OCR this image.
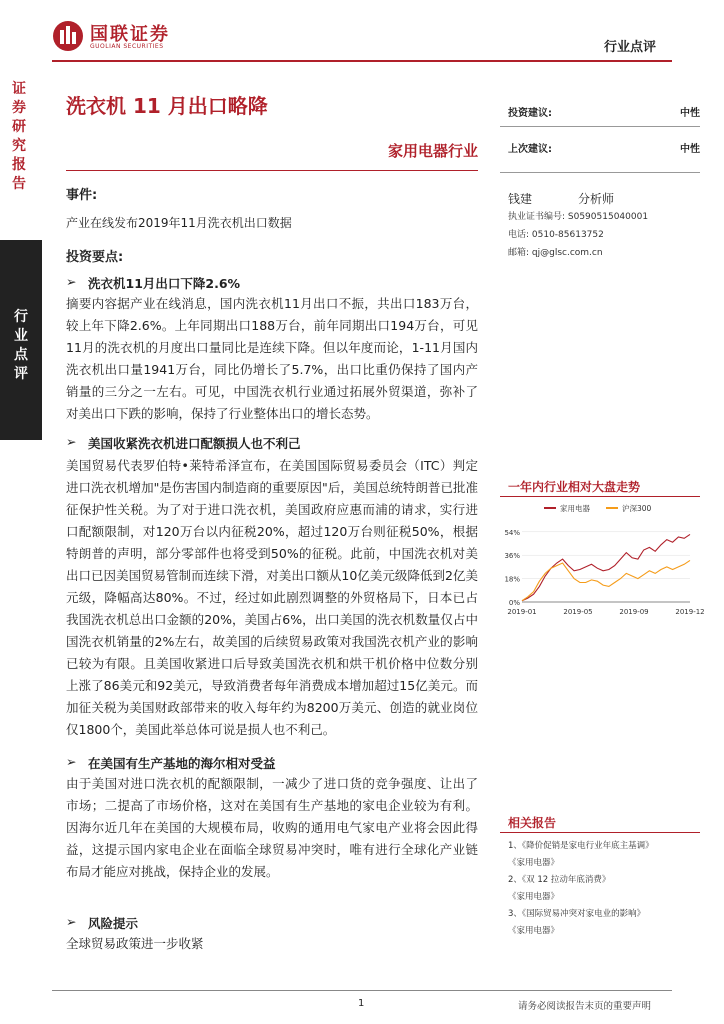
国联证券
GUOLIAN SECURITIES	行业点评
证券研究报告
行业点评
洗衣机 11 月出口略降
家用电器行业
投资建议:	中性
上次建议:	中性
钱建	分析师
执业证书编号: S0590515040001
电话: 0510-85613752
邮箱: qj@glsc.com.cn
事件:
产业在线发布2019年11月洗衣机出口数据
投资要点:
➢ 洗衣机11月出口下降2.6%
摘要内容据产业在线消息，国内洗衣机11月出口不振，共出口183万台，较上年下降2.6%。上年同期出口188万台，前年同期出口194万台，可见11月的洗衣机的月度出口量同比是连续下降。但以年度而论，1-11月国内洗衣机出口量1941万台，同比仍增长了5.7%，出口比重仍保持了国内产销量的三分之一左右。可见，中国洗衣机行业通过拓展外贸渠道，弥补了对美出口下跌的影响，保持了行业整体出口的增长态势。
➢ 美国收紧洗衣机进口配额损人也不利己
美国贸易代表罗伯特•莱特希泽宣布，在美国国际贸易委员会（ITC）判定进口洗衣机增加"是伤害国内制造商的重要原因"后，美国总统特朗普已批准征保护性关税。为了对于进口洗衣机，美国政府应惠而浦的请求，实行进口配额限制，对120万台以内征税20%，超过120万台则征税50%，根据特朗普的声明，部分零部件也将受到50%的征税。此前，中国洗衣机对美出口已因美国贸易管制而连续下滑，对美出口额从10亿美元级降低到2亿美元级，降幅高达80%。不过，经过如此剧烈调整的外贸格局下，日本已占我国洗衣机总出口金额的20%，美国占6%，出口美国的洗衣机数量仅占中国洗衣机销量的2%左右，故美国的后续贸易政策对我国洗衣机产业的影响已较为有限。且美国收紧进口后导致美国洗衣机和烘干机价格中位数分别上涨了86美元和92美元，导致消费者每年消费成本增加超过15亿美元。而加征关税为美国财政部带来的收入每年约为8200万美元、创造的就业岗位仅1800个，美国此举总体可说是损人也不利己。
➢ 在美国有生产基地的海尔相对受益
由于美国对进口洗衣机的配额限制，一减少了进口货的竞争强度、让出了市场；二提高了市场价格，这对在美国有生产基地的家电企业较为有利。因海尔近几年在美国的大规模布局，收购的通用电气家电产业将会因此得益，这提示国内家电企业在面临全球贸易冲突时，唯有进行全球化产业链布局才能应对挑战，保持企业的发展。
➢ 风险提示
全球贸易政策进一步收紧
一年内行业相对大盘走势
家用电器	沪深300
54%
36%
18%
0%
2019-01	2019-05	2019-09	2019-12
相关报告
1、《降价促销是家电行业年底主基调》
《家用电器》
2、《双 12 拉动年底消费》
《家用电器》
3、《国际贸易冲突对家电业的影响》
《家用电器》
1	请务必阅读报告末页的重要声明
